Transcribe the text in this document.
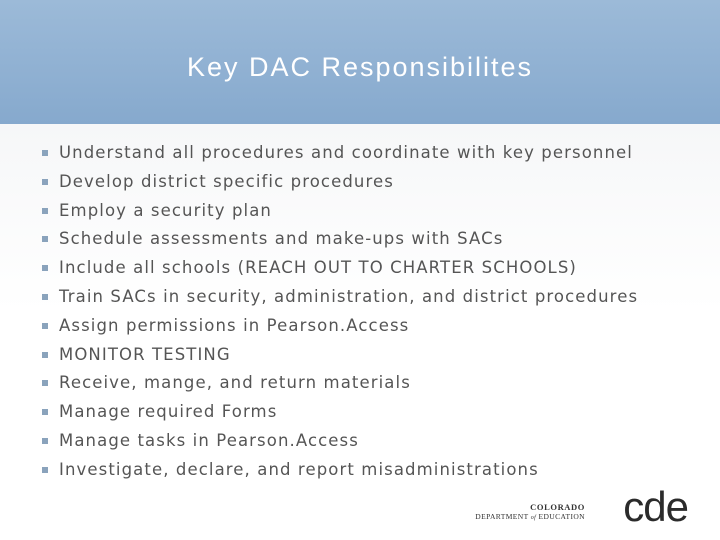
Key DAC Responsibilites
Understand all procedures and coordinate with key personnel
Develop district specific procedures
Employ a security plan
Schedule assessments and make-ups with SACs
Include all schools (REACH OUT TO CHARTER SCHOOLS)
Train SACs in security, administration, and district procedures
Assign permissions in Pearson.Access
MONITOR TESTING
Receive, mange, and return materials
Manage required Forms
Manage tasks in Pearson.Access
Investigate, declare, and report misadministrations
COLORADO
DEPARTMENT of EDUCATION cde
